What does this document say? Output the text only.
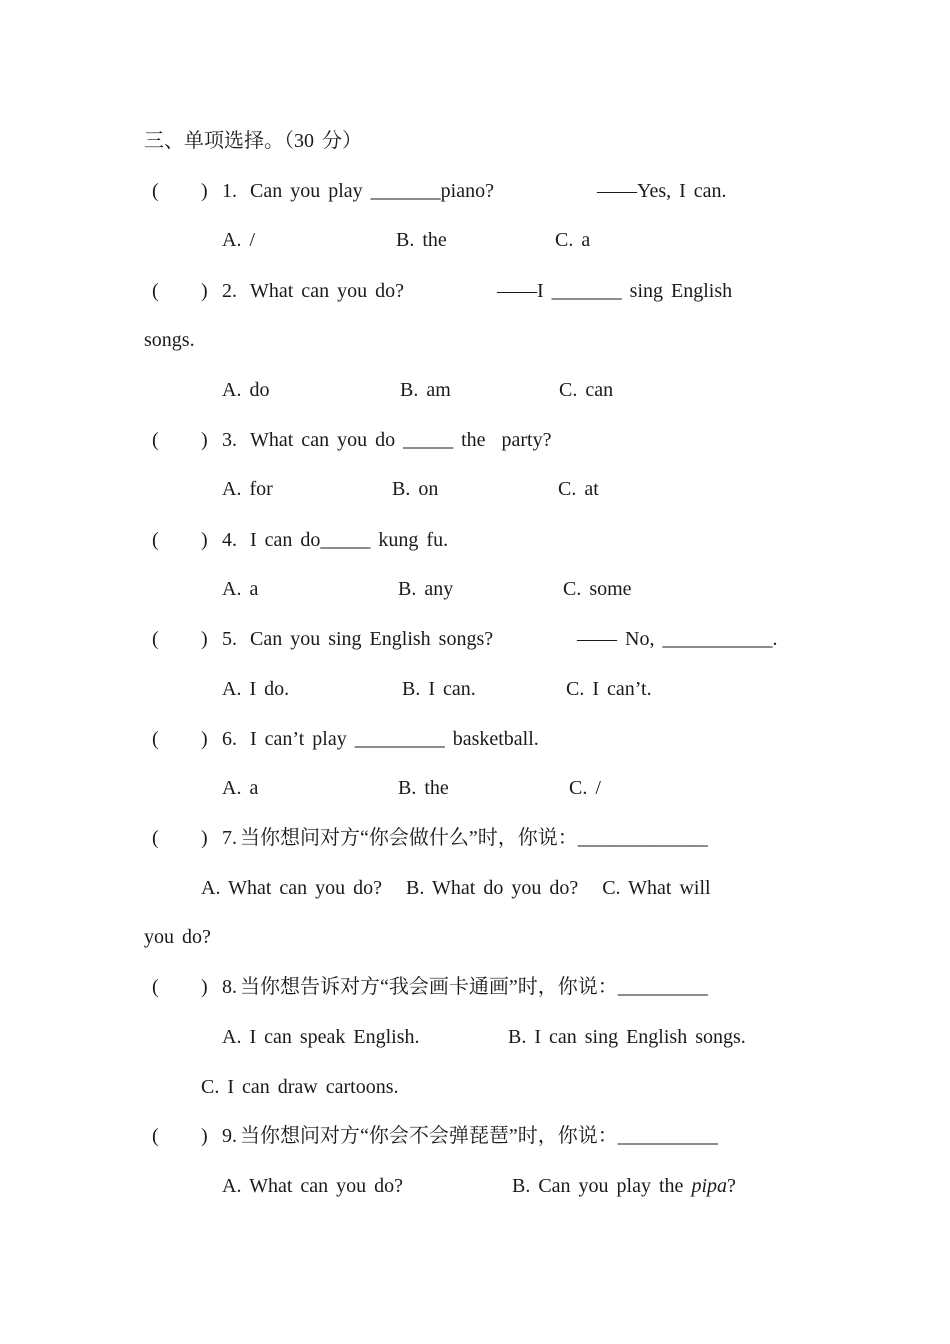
三、单项选择。（30 分）
( ) 1. Can you play _______piano?	——Yes, I can.
A. /	B. the	C. a
( ) 2. What can you do?	——I _______ sing English
songs.
A. do	B. am	C. can
( ) 3. What can you do _____ the  party?
A. for	B. on	C. at
( ) 4. I can do_____ kung fu.
A. a	B. any	C. some
( ) 5. Can you sing English songs?	—— No, ___________.
A. I do.	B. I can.	C. I can’t.
( ) 6. I can’t play _________ basketball.
A. a	B. the	C. /
( ) 7. 当你想问对方“你会做什么”时，你说：_____________
A. What can you do?   B. What do you do?   C. What will
you do?
( ) 8. 当你想告诉对方“我会画卡通画”时，你说：_________
A. I can speak English.	B. I can sing English songs.
C. I can draw cartoons.
( ) 9. 当你想问对方“你会不会弹琵琶”时，你说：__________
A. What can you do?	B. Can you play the pipa?
